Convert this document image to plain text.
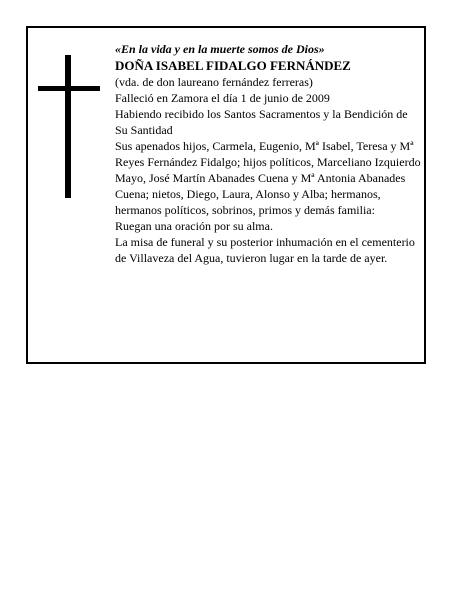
«En la vida y en la muerte somos de Dios»

DOÑA ISABEL FIDALGO FERNÁNDEZ

(vda. de don laureano fernández ferreras)

Falleció en Zamora el día 1 de junio de 2009

Habiendo recibido los Santos Sacramentos y la Bendición de Su Santidad

Sus apenados hijos, Carmela, Eugenio, Mª Isabel, Teresa y Mª Reyes Fernández Fidalgo; hijos políticos, Marceliano Izquierdo Mayo, José Martín Abanades Cuena y Mª Antonia Abanades Cuena; nietos, Diego, Laura, Alonso y Alba; hermanos, hermanos políticos, sobrinos, primos y demás familia:

Ruegan una oración por su alma.

La misa de funeral y su posterior inhumación en el cementerio de Villaveza del Agua, tuvieron lugar en la tarde de ayer.
